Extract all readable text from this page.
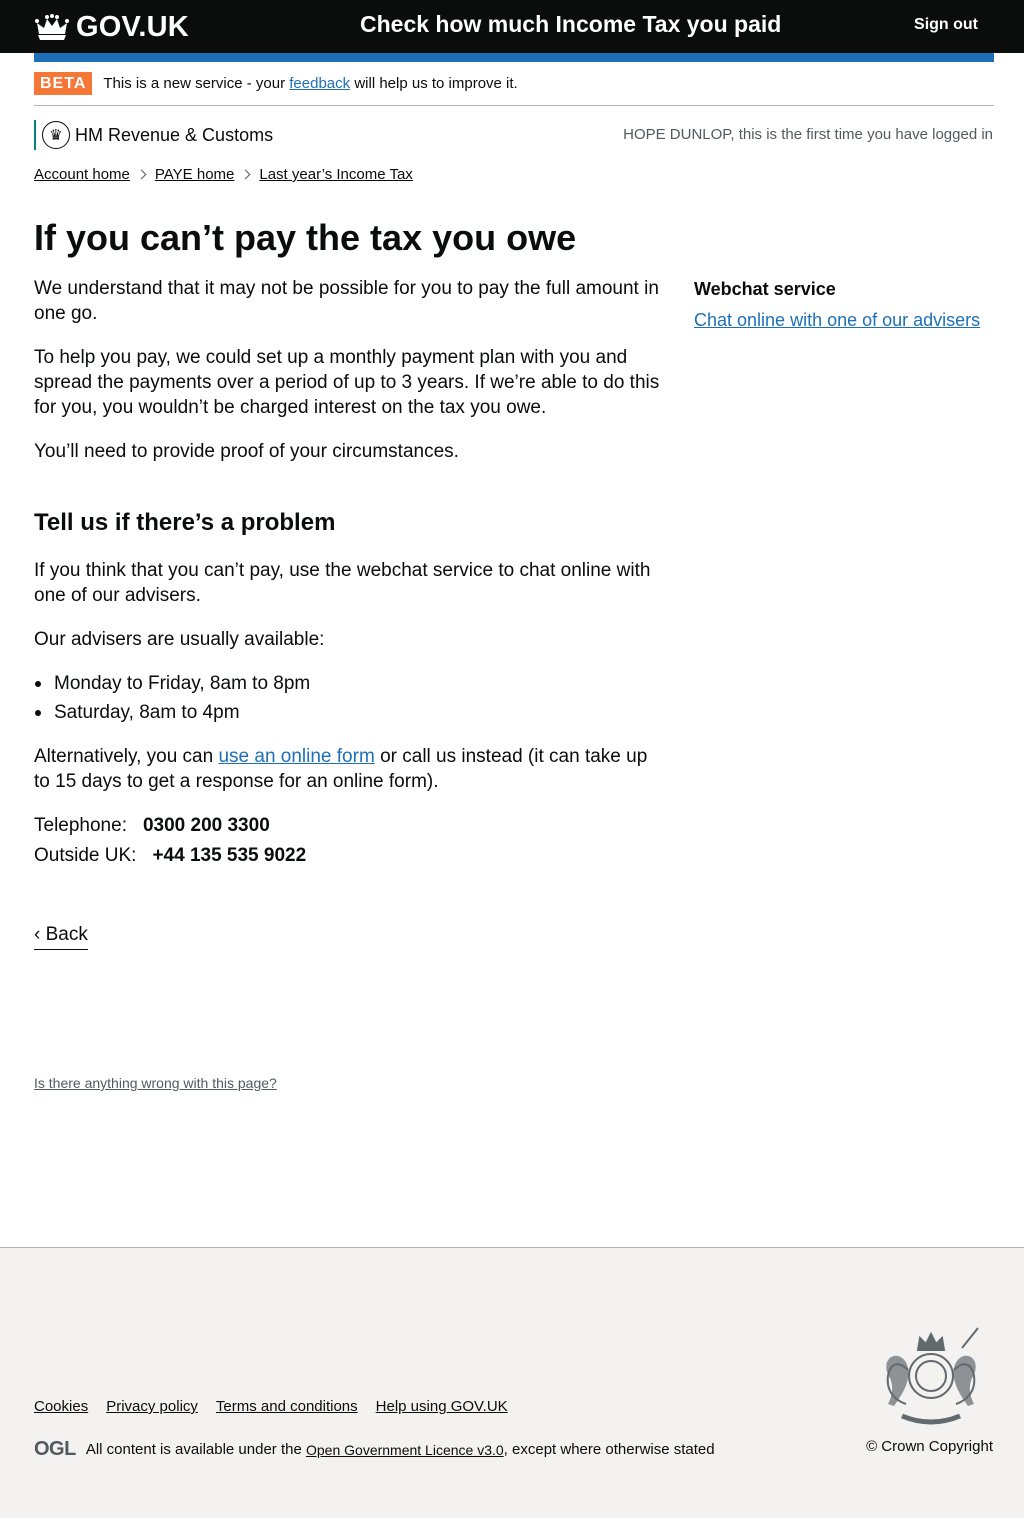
GOV.UK	Check how much Income Tax you paid	Sign out
BETA	This is a new service - your feedback will help us to improve it.
♛ HM Revenue & Customs	HOPE DUNLOP, this is the first time you have logged in
Account home PAYE home Last year’s Income Tax
If you can’t pay the tax you owe

We understand that it may not be possible for you to pay the full amount in one go.

To help you pay, we could set up a monthly payment plan with you and spread the payments over a period of up to 3 years. If we’re able to do this for you, you wouldn’t be charged interest on the tax you owe.

You’ll need to provide proof of your circumstances.

Tell us if there’s a problem

If you think that you can’t pay, use the webchat service to chat online with one of our advisers.

Our advisers are usually available:

Monday to Friday, 8am to 8pm
Saturday, 8am to 4pm

Alternatively, you can use an online form or call us instead (it can take up to 15 days to get a response for an online form).

Telephone: 0300 200 3300
Outside UK: +44 135 535 9022
‹ Back
Is there anything wrong with this page?
Webchat service
Chat online with one of our advisers
Cookies Privacy policy Terms and conditions Help using GOV.UK
OGL All content is available under the
Open Government Licence v3.0 , except where otherwise stated	© Crown Copyright
